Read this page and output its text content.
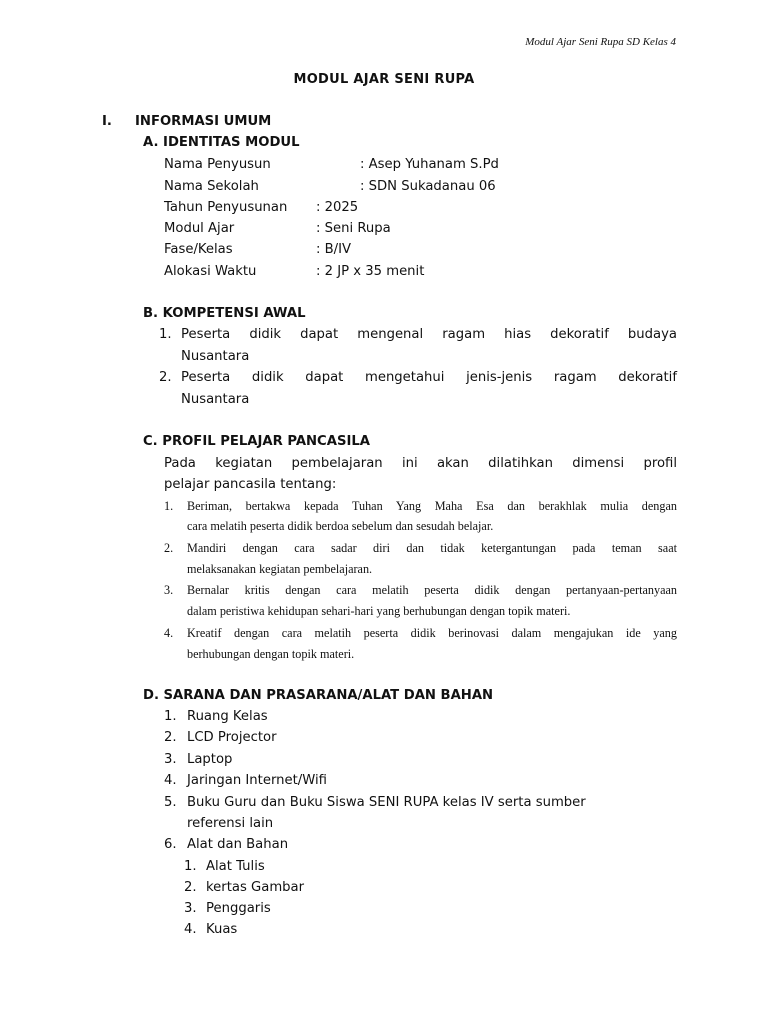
Modul Ajar Seni Rupa SD Kelas 4
MODUL AJAR SENI RUPA
I. INFORMASI UMUM
A. IDENTITAS MODUL
Nama Penyusun	: Asep Yuhanam S.Pd
Nama Sekolah	: SDN Sukadanau 06
Tahun Penyusunan : 2025
Modul Ajar	: Seni Rupa
Fase/Kelas	: B/IV
Alokasi Waktu	: 2 JP x 35 menit
B. KOMPETENSI AWAL
1. Peserta didik dapat mengenal ragam hias dekoratif budaya
Nusantara
2. Peserta didik dapat mengetahui jenis-jenis ragam dekoratif
Nusantara
C. PROFIL PELAJAR PANCASILA
Pada kegiatan pembelajaran ini akan dilatihkan dimensi profil
pelajar pancasila tentang:
1. Beriman, bertakwa kepada Tuhan Yang Maha Esa dan berakhlak mulia dengan
cara melatih peserta didik berdoa sebelum dan sesudah belajar.
2. Mandiri dengan cara sadar diri dan tidak ketergantungan pada teman saat
melaksanakan kegiatan pembelajaran.
3. Bernalar kritis dengan cara melatih peserta didik dengan pertanyaan-pertanyaan
dalam peristiwa kehidupan sehari-hari yang berhubungan dengan topik materi.
4. Kreatif dengan cara melatih peserta didik berinovasi dalam mengajukan ide yang
berhubungan dengan topik materi.
D. SARANA DAN PRASARANA/ALAT DAN BAHAN
1. Ruang Kelas
2. LCD Projector
3. Laptop
4. Jaringan Internet/Wifi
5. Buku Guru dan Buku Siswa SENI RUPA kelas IV serta sumber
referensi lain
6. Alat dan Bahan
1. Alat Tulis
2. kertas Gambar
3. Penggaris
4. Kuas
